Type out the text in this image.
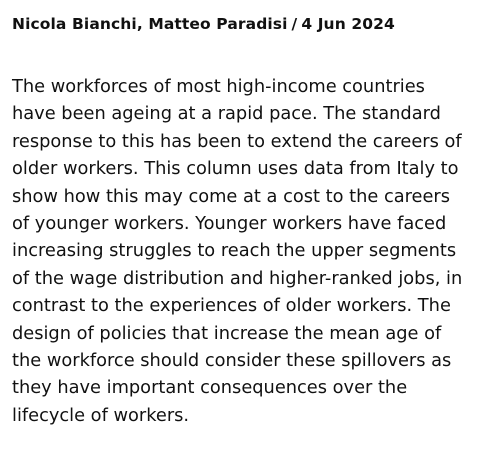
Nicola Bianchi, Matteo Paradisi / 4 Jun 2024

The workforces of most high-income countries
have been ageing at a rapid pace. The standard
response to this has been to extend the careers of
older workers. This column uses data from Italy to
show how this may come at a cost to the careers
of younger workers. Younger workers have faced
increasing struggles to reach the upper segments
of the wage distribution and higher-ranked jobs, in
contrast to the experiences of older workers. The
design of policies that increase the mean age of
the workforce should consider these spillovers as
they have important consequences over the
lifecycle of workers.
